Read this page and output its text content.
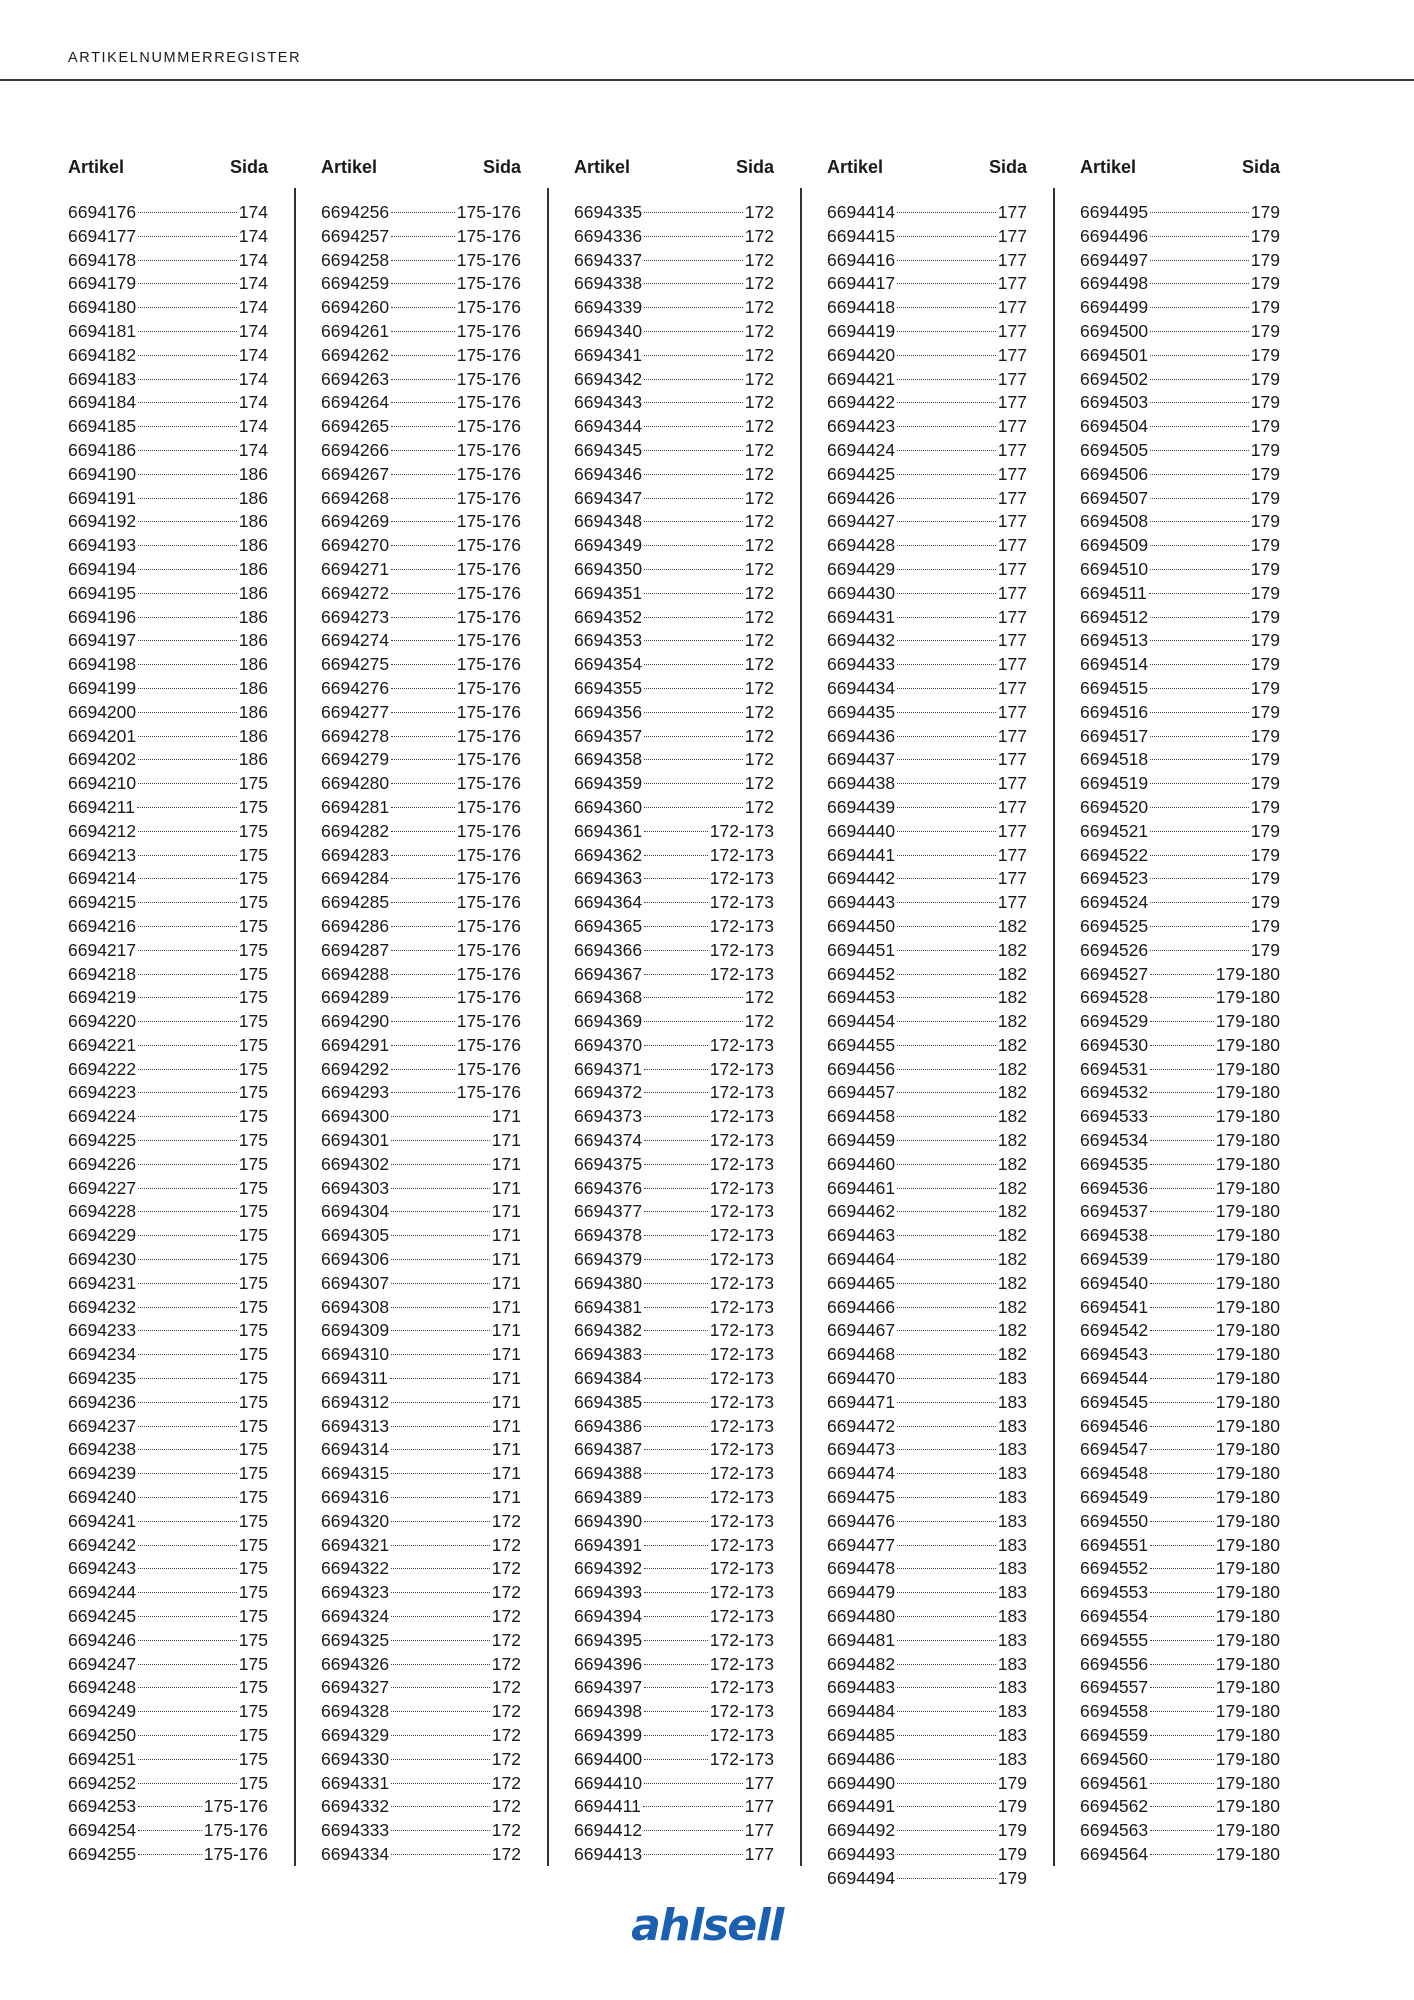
ARTIKELNUMMERREGISTER
Artikel	Sida
6694176	174
6694177	174
6694178	174
6694179	174
6694180	174
6694181	174
6694182	174
6694183	174
6694184	174
6694185	174
6694186	174
6694190	186
6694191	186
6694192	186
6694193	186
6694194	186
6694195	186
6694196	186
6694197	186
6694198	186
6694199	186
6694200	186
6694201	186
6694202	186
6694210	175
6694211	175
6694212	175
6694213	175
6694214	175
6694215	175
6694216	175
6694217	175
6694218	175
6694219	175
6694220	175
6694221	175
6694222	175
6694223	175
6694224	175
6694225	175
6694226	175
6694227	175
6694228	175
6694229	175
6694230	175
6694231	175
6694232	175
6694233	175
6694234	175
6694235	175
6694236	175
6694237	175
6694238	175
6694239	175
6694240	175
6694241	175
6694242	175
6694243	175
6694244	175
6694245	175
6694246	175
6694247	175
6694248	175
6694249	175
6694250	175
6694251	175
6694252	175
6694253	175-176
6694254	175-176
6694255	175-176
Artikel	Sida
6694256	175-176
6694257	175-176
6694258	175-176
6694259	175-176
6694260	175-176
6694261	175-176
6694262	175-176
6694263	175-176
6694264	175-176
6694265	175-176
6694266	175-176
6694267	175-176
6694268	175-176
6694269	175-176
6694270	175-176
6694271	175-176
6694272	175-176
6694273	175-176
6694274	175-176
6694275	175-176
6694276	175-176
6694277	175-176
6694278	175-176
6694279	175-176
6694280	175-176
6694281	175-176
6694282	175-176
6694283	175-176
6694284	175-176
6694285	175-176
6694286	175-176
6694287	175-176
6694288	175-176
6694289	175-176
6694290	175-176
6694291	175-176
6694292	175-176
6694293	175-176
6694300	171
6694301	171
6694302	171
6694303	171
6694304	171
6694305	171
6694306	171
6694307	171
6694308	171
6694309	171
6694310	171
6694311	171
6694312	171
6694313	171
6694314	171
6694315	171
6694316	171
6694320	172
6694321	172
6694322	172
6694323	172
6694324	172
6694325	172
6694326	172
6694327	172
6694328	172
6694329	172
6694330	172
6694331	172
6694332	172
6694333	172
6694334	172
Artikel	Sida
6694335	172
6694336	172
6694337	172
6694338	172
6694339	172
6694340	172
6694341	172
6694342	172
6694343	172
6694344	172
6694345	172
6694346	172
6694347	172
6694348	172
6694349	172
6694350	172
6694351	172
6694352	172
6694353	172
6694354	172
6694355	172
6694356	172
6694357	172
6694358	172
6694359	172
6694360	172
6694361	172-173
6694362	172-173
6694363	172-173
6694364	172-173
6694365	172-173
6694366	172-173
6694367	172-173
6694368	172
6694369	172
6694370	172-173
6694371	172-173
6694372	172-173
6694373	172-173
6694374	172-173
6694375	172-173
6694376	172-173
6694377	172-173
6694378	172-173
6694379	172-173
6694380	172-173
6694381	172-173
6694382	172-173
6694383	172-173
6694384	172-173
6694385	172-173
6694386	172-173
6694387	172-173
6694388	172-173
6694389	172-173
6694390	172-173
6694391	172-173
6694392	172-173
6694393	172-173
6694394	172-173
6694395	172-173
6694396	172-173
6694397	172-173
6694398	172-173
6694399	172-173
6694400	172-173
6694410	177
6694411	177
6694412	177
6694413	177
Artikel	Sida
6694414	177
6694415	177
6694416	177
6694417	177
6694418	177
6694419	177
6694420	177
6694421	177
6694422	177
6694423	177
6694424	177
6694425	177
6694426	177
6694427	177
6694428	177
6694429	177
6694430	177
6694431	177
6694432	177
6694433	177
6694434	177
6694435	177
6694436	177
6694437	177
6694438	177
6694439	177
6694440	177
6694441	177
6694442	177
6694443	177
6694450	182
6694451	182
6694452	182
6694453	182
6694454	182
6694455	182
6694456	182
6694457	182
6694458	182
6694459	182
6694460	182
6694461	182
6694462	182
6694463	182
6694464	182
6694465	182
6694466	182
6694467	182
6694468	182
6694470	183
6694471	183
6694472	183
6694473	183
6694474	183
6694475	183
6694476	183
6694477	183
6694478	183
6694479	183
6694480	183
6694481	183
6694482	183
6694483	183
6694484	183
6694485	183
6694486	183
6694490	179
6694491	179
6694492	179
6694493	179
6694494	179
Artikel	Sida
6694495	179
6694496	179
6694497	179
6694498	179
6694499	179
6694500	179
6694501	179
6694502	179
6694503	179
6694504	179
6694505	179
6694506	179
6694507	179
6694508	179
6694509	179
6694510	179
6694511	179
6694512	179
6694513	179
6694514	179
6694515	179
6694516	179
6694517	179
6694518	179
6694519	179
6694520	179
6694521	179
6694522	179
6694523	179
6694524	179
6694525	179
6694526	179
6694527	179-180
6694528	179-180
6694529	179-180
6694530	179-180
6694531	179-180
6694532	179-180
6694533	179-180
6694534	179-180
6694535	179-180
6694536	179-180
6694537	179-180
6694538	179-180
6694539	179-180
6694540	179-180
6694541	179-180
6694542	179-180
6694543	179-180
6694544	179-180
6694545	179-180
6694546	179-180
6694547	179-180
6694548	179-180
6694549	179-180
6694550	179-180
6694551	179-180
6694552	179-180
6694553	179-180
6694554	179-180
6694555	179-180
6694556	179-180
6694557	179-180
6694558	179-180
6694559	179-180
6694560	179-180
6694561	179-180
6694562	179-180
6694563	179-180
6694564	179-180
ahlsell
